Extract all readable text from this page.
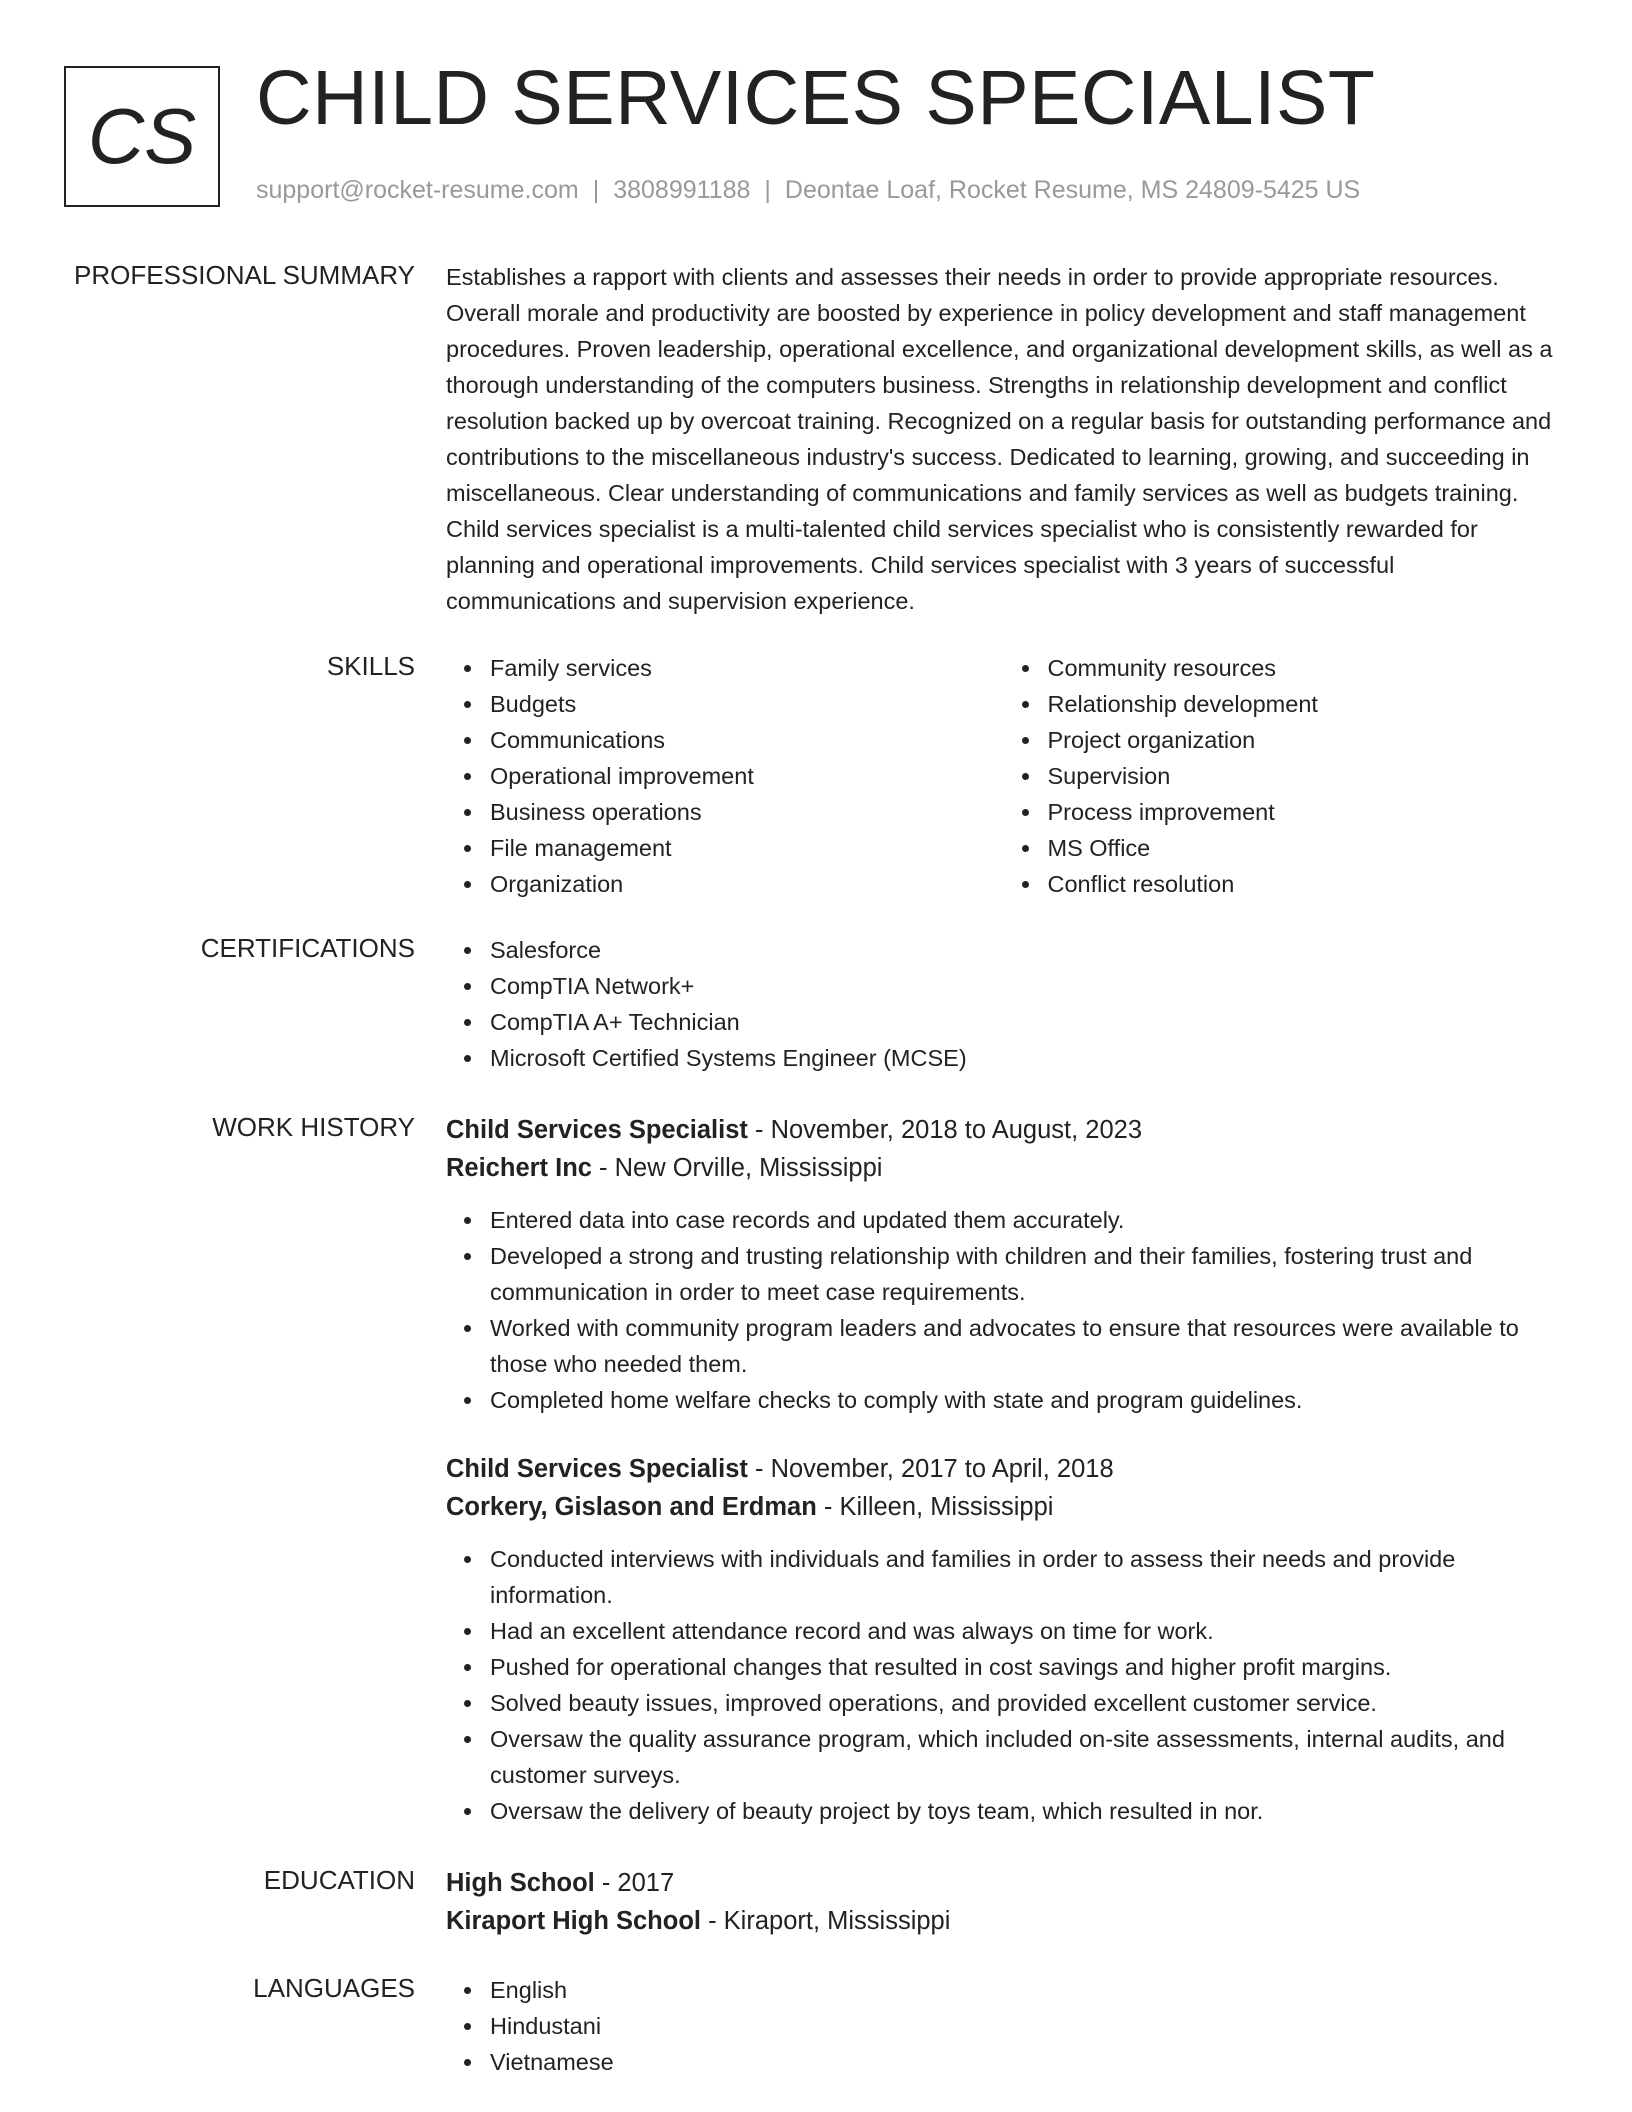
CS CHILD SERVICES SPECIALIST
support@rocket-resume.com | 3808991188 | Deontae Loaf, Rocket Resume, MS 24809-5425 US
PROFESSIONAL SUMMARY Establishes a rapport with clients and assesses their needs in order to provide appropriate resources. Overall morale and productivity are boosted by experience in policy development and staff management procedures. Proven leadership, operational excellence, and organizational development skills, as well as a thorough understanding of the computers business. Strengths in relationship development and conflict resolution backed up by overcoat training. Recognized on a regular basis for outstanding performance and contributions to the miscellaneous industry's success. Dedicated to learning, growing, and succeeding in miscellaneous. Clear understanding of communications and family services as well as budgets training. Child services specialist is a multi-talented child services specialist who is consistently rewarded for planning and operational improvements. Child services specialist with 3 years of successful communications and supervision experience.

SKILLS	Family services
Budgets
Communications
Operational improvement
Business operations
File management
Organization
Community resources
Relationship development
Project organization
Supervision
Process improvement
MS Office
Conflict resolution
CERTIFICATIONS	Salesforce
CompTIA Network+
CompTIA A+ Technician
Microsoft Certified Systems Engineer (MCSE)
WORK HISTORY Child Services Specialist - November, 2018 to August, 2023
Reichert Inc - New Orville, Mississippi
Entered data into case records and updated them accurately.
Developed a strong and trusting relationship with children and their families, fostering trust and communication in order to meet case requirements.
Worked with community program leaders and advocates to ensure that resources were available to those who needed them.
Completed home welfare checks to comply with state and program guidelines.
Child Services Specialist - November, 2017 to April, 2018
Corkery, Gislason and Erdman - Killeen, Mississippi
Conducted interviews with individuals and families in order to assess their needs and provide information.
Had an excellent attendance record and was always on time for work.
Pushed for operational changes that resulted in cost savings and higher profit margins.
Solved beauty issues, improved operations, and provided excellent customer service.
Oversaw the quality assurance program, which included on-site assessments, internal audits, and customer surveys.
Oversaw the delivery of beauty project by toys team, which resulted in nor.
EDUCATION High School - 2017
Kiraport High School - Kiraport, Mississippi
LANGUAGES	English
Hindustani
Vietnamese
